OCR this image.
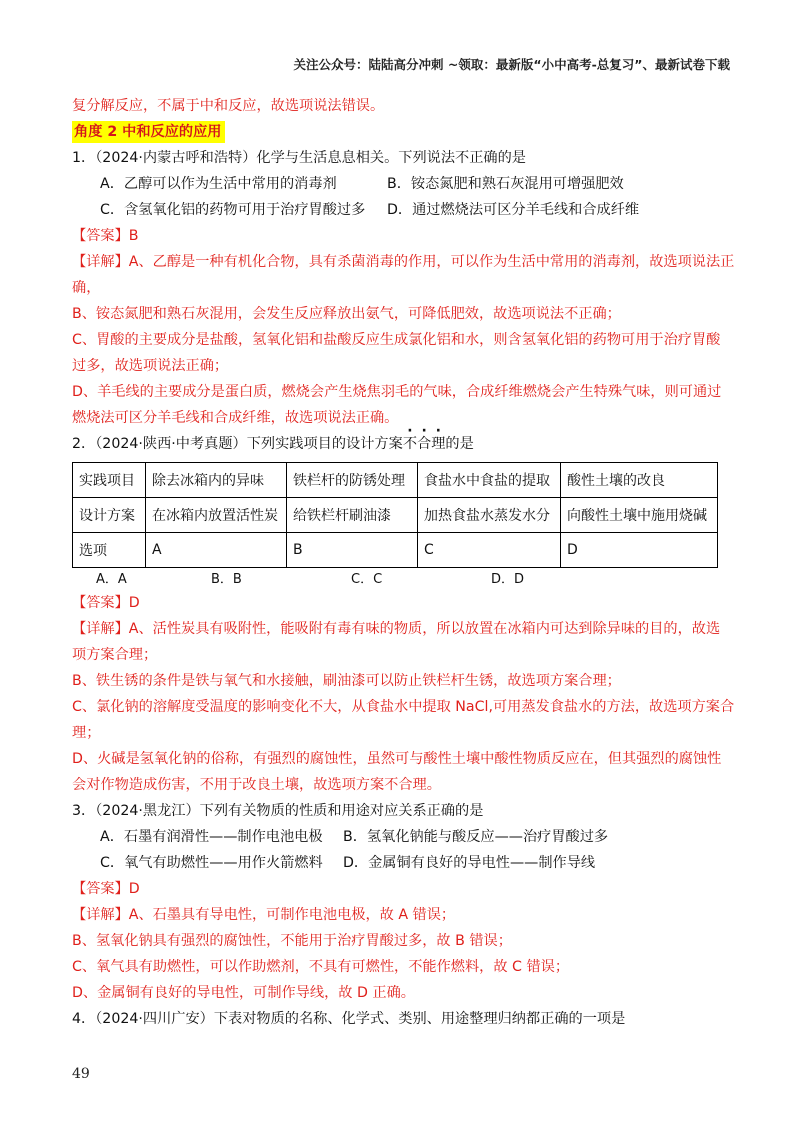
关注公众号：陆陆高分冲刺 ~领取：最新版“小中高考-总复习”、最新试卷下载
复分解反应，不属于中和反应，故选项说法错误。
角度 2 中和反应的应用
1．（2024·内蒙古呼和浩特）化学与生活息息相关。下列说法不正确的是
A．乙醇可以作为生活中常用的消毒剂	B．铵态氮肥和熟石灰混用可增强肥效
C．含氢氧化铝的药物可用于治疗胃酸过多	D．通过燃烧法可区分羊毛线和合成纤维
【答案】B
【详解】A、乙醇是一种有机化合物，具有杀菌消毒的作用，可以作为生活中常用的消毒剂，故选项说法正
确，
B、铵态氮肥和熟石灰混用，会发生反应释放出氨气，可降低肥效，故选项说法不正确；
C、胃酸的主要成分是盐酸，氢氧化铝和盐酸反应生成氯化铝和水，则含氢氧化铝的药物可用于治疗胃酸
过多，故选项说法正确；
D、羊毛线的主要成分是蛋白质，燃烧会产生烧焦羽毛的气味，合成纤维燃烧会产生特殊气味，则可通过
燃烧法可区分羊毛线和合成纤维，故选项说法正确。
2．（2024·陕西·中考真题）下列实践项目的设计方案不合理的是
实践项目	除去冰箱内的异味	铁栏杆的防锈处理	食盐水中食盐的提取	酸性土壤的改良
设计方案	在冰箱内放置活性炭	给铁栏杆刷油漆	加热食盐水蒸发水分	向酸性土壤中施用烧碱
选项	A	B	C	D
A．A	B．B	C．C	D．D
【答案】D
【详解】A、活性炭具有吸附性，能吸附有毒有味的物质，所以放置在冰箱内可达到除异味的目的，故选
项方案合理；
B、铁生锈的条件是铁与氧气和水接触，刷油漆可以防止铁栏杆生锈，故选项方案合理；
C、氯化钠的溶解度受温度的影响变化不大，从食盐水中提取 NaCl,可用蒸发食盐水的方法，故选项方案合
理；
D、火碱是氢氧化钠的俗称，有强烈的腐蚀性，虽然可与酸性土壤中酸性物质反应在，但其强烈的腐蚀性
会对作物造成伤害，不用于改良土壤，故选项方案不合理。
3．（2024·黑龙江）下列有关物质的性质和用途对应关系正确的是
A．石墨有润滑性——制作电池电极	B．氢氧化钠能与酸反应——治疗胃酸过多
C．氧气有助燃性——用作火箭燃料	D．金属铜有良好的导电性——制作导线
【答案】D
【详解】A、石墨具有导电性，可制作电池电极，故 A 错误；
B、氢氧化钠具有强烈的腐蚀性，不能用于治疗胃酸过多，故 B 错误；
C、氧气具有助燃性，可以作助燃剂，不具有可燃性，不能作燃料，故 C 错误；
D、金属铜有良好的导电性，可制作导线，故 D 正确。
4．（2024·四川广安）下表对物质的名称、化学式、类别、用途整理归纳都正确的一项是
49
